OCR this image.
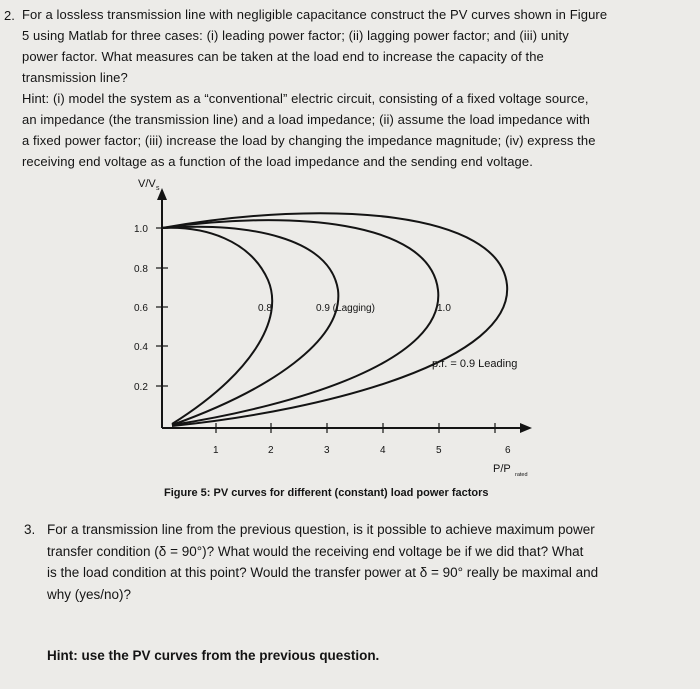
2. For a lossless transmission line with negligible capacitance construct the PV curves shown in Figure
5 using Matlab for three cases: (i) leading power factor; (ii) lagging power factor; and (iii) unity
power factor. What measures can be taken at the load end to increase the capacity of the
transmission line?
Hint: (i) model the system as a “conventional” electric circuit, consisting of a fixed voltage source,
an impedance (the transmission line) and a load impedance; (ii) assume the load impedance with
a fixed power factor; (iii) increase the load by changing the impedance magnitude; (iv) express the
receiving end voltage as a function of the load impedance and the sending end voltage.
1.0
0.8
0.6
0.4
0.2
V/V s
1	2	3	4	5	6
P/P rated
0.8	0.9 (Lagging)	1.0
p.f. = 0.9 Leading
Figure 5: PV curves for different (constant) load power factors
3. For a transmission line from the previous question, is it possible to achieve maximum power
transfer condition (δ = 90°)? What would the receiving end voltage be if we did that? What
is the load condition at this point? Would the transfer power at δ = 90° really be maximal and
why (yes/no)?
Hint: use the PV curves from the previous question.
